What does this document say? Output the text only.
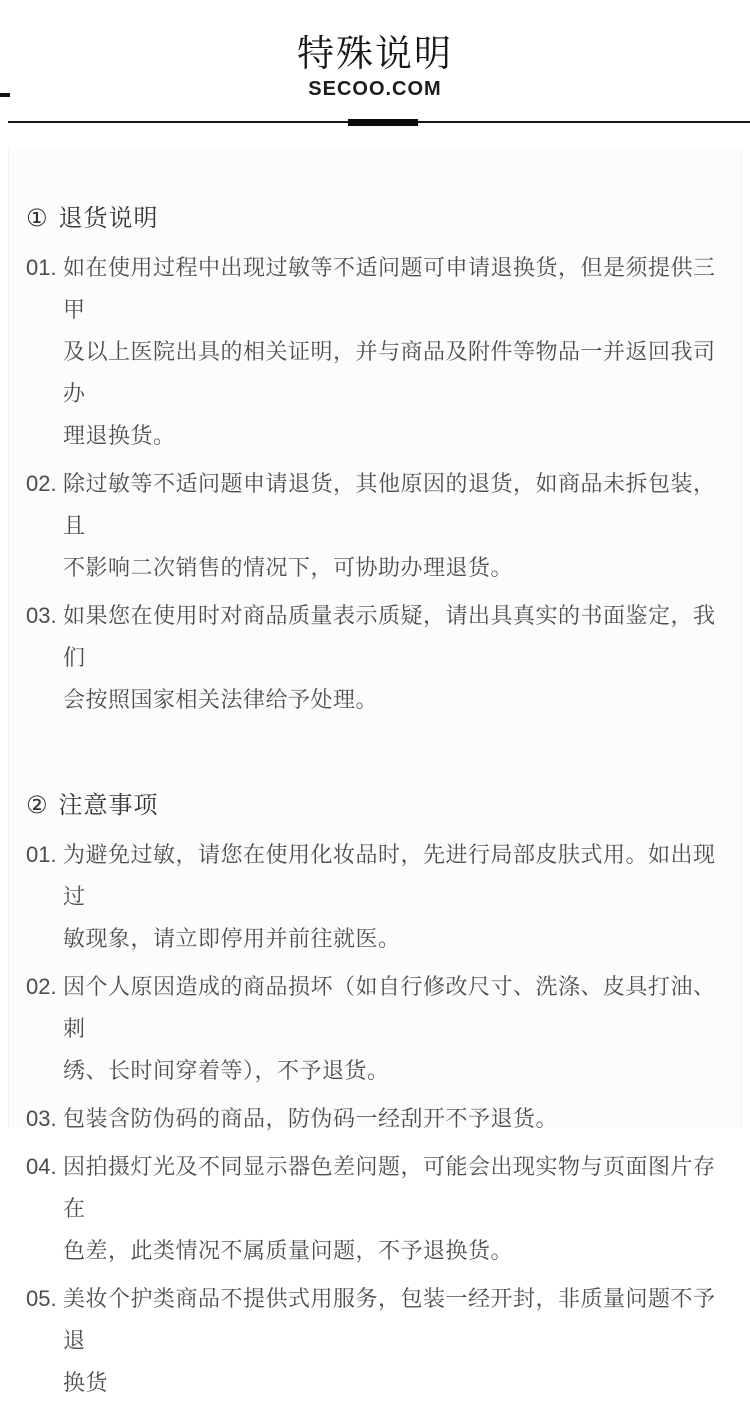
特殊说明
SECOO.COM
① 退货说明
01. 如在使用过程中出现过敏等不适问题可申请退换货，但是须提供三甲
及以上医院出具的相关证明，并与商品及附件等物品一并返回我司办
理退换货。
02. 除过敏等不适问题申请退货，其他原因的退货，如商品未拆包装，且
不影响二次销售的情况下，可协助办理退货。
03. 如果您在使用时对商品质量表示质疑，请出具真实的书面鉴定，我们
会按照国家相关法律给予处理。
② 注意事项
01. 为避免过敏，请您在使用化妆品时，先进行局部皮肤式用。如出现过
敏现象，请立即停用并前往就医。
02. 因个人原因造成的商品损坏（如自行修改尺寸、洗涤、皮具打油、刺
绣、长时间穿着等），不予退货。
03. 包装含防伪码的商品，防伪码一经刮开不予退货。
04. 因拍摄灯光及不同显示器色差问题，可能会出现实物与页面图片存在
色差，此类情况不属质量问题，不予退换货。
05. 美妆个护类商品不提供式用服务，包装一经开封，非质量问题不予退
换货
